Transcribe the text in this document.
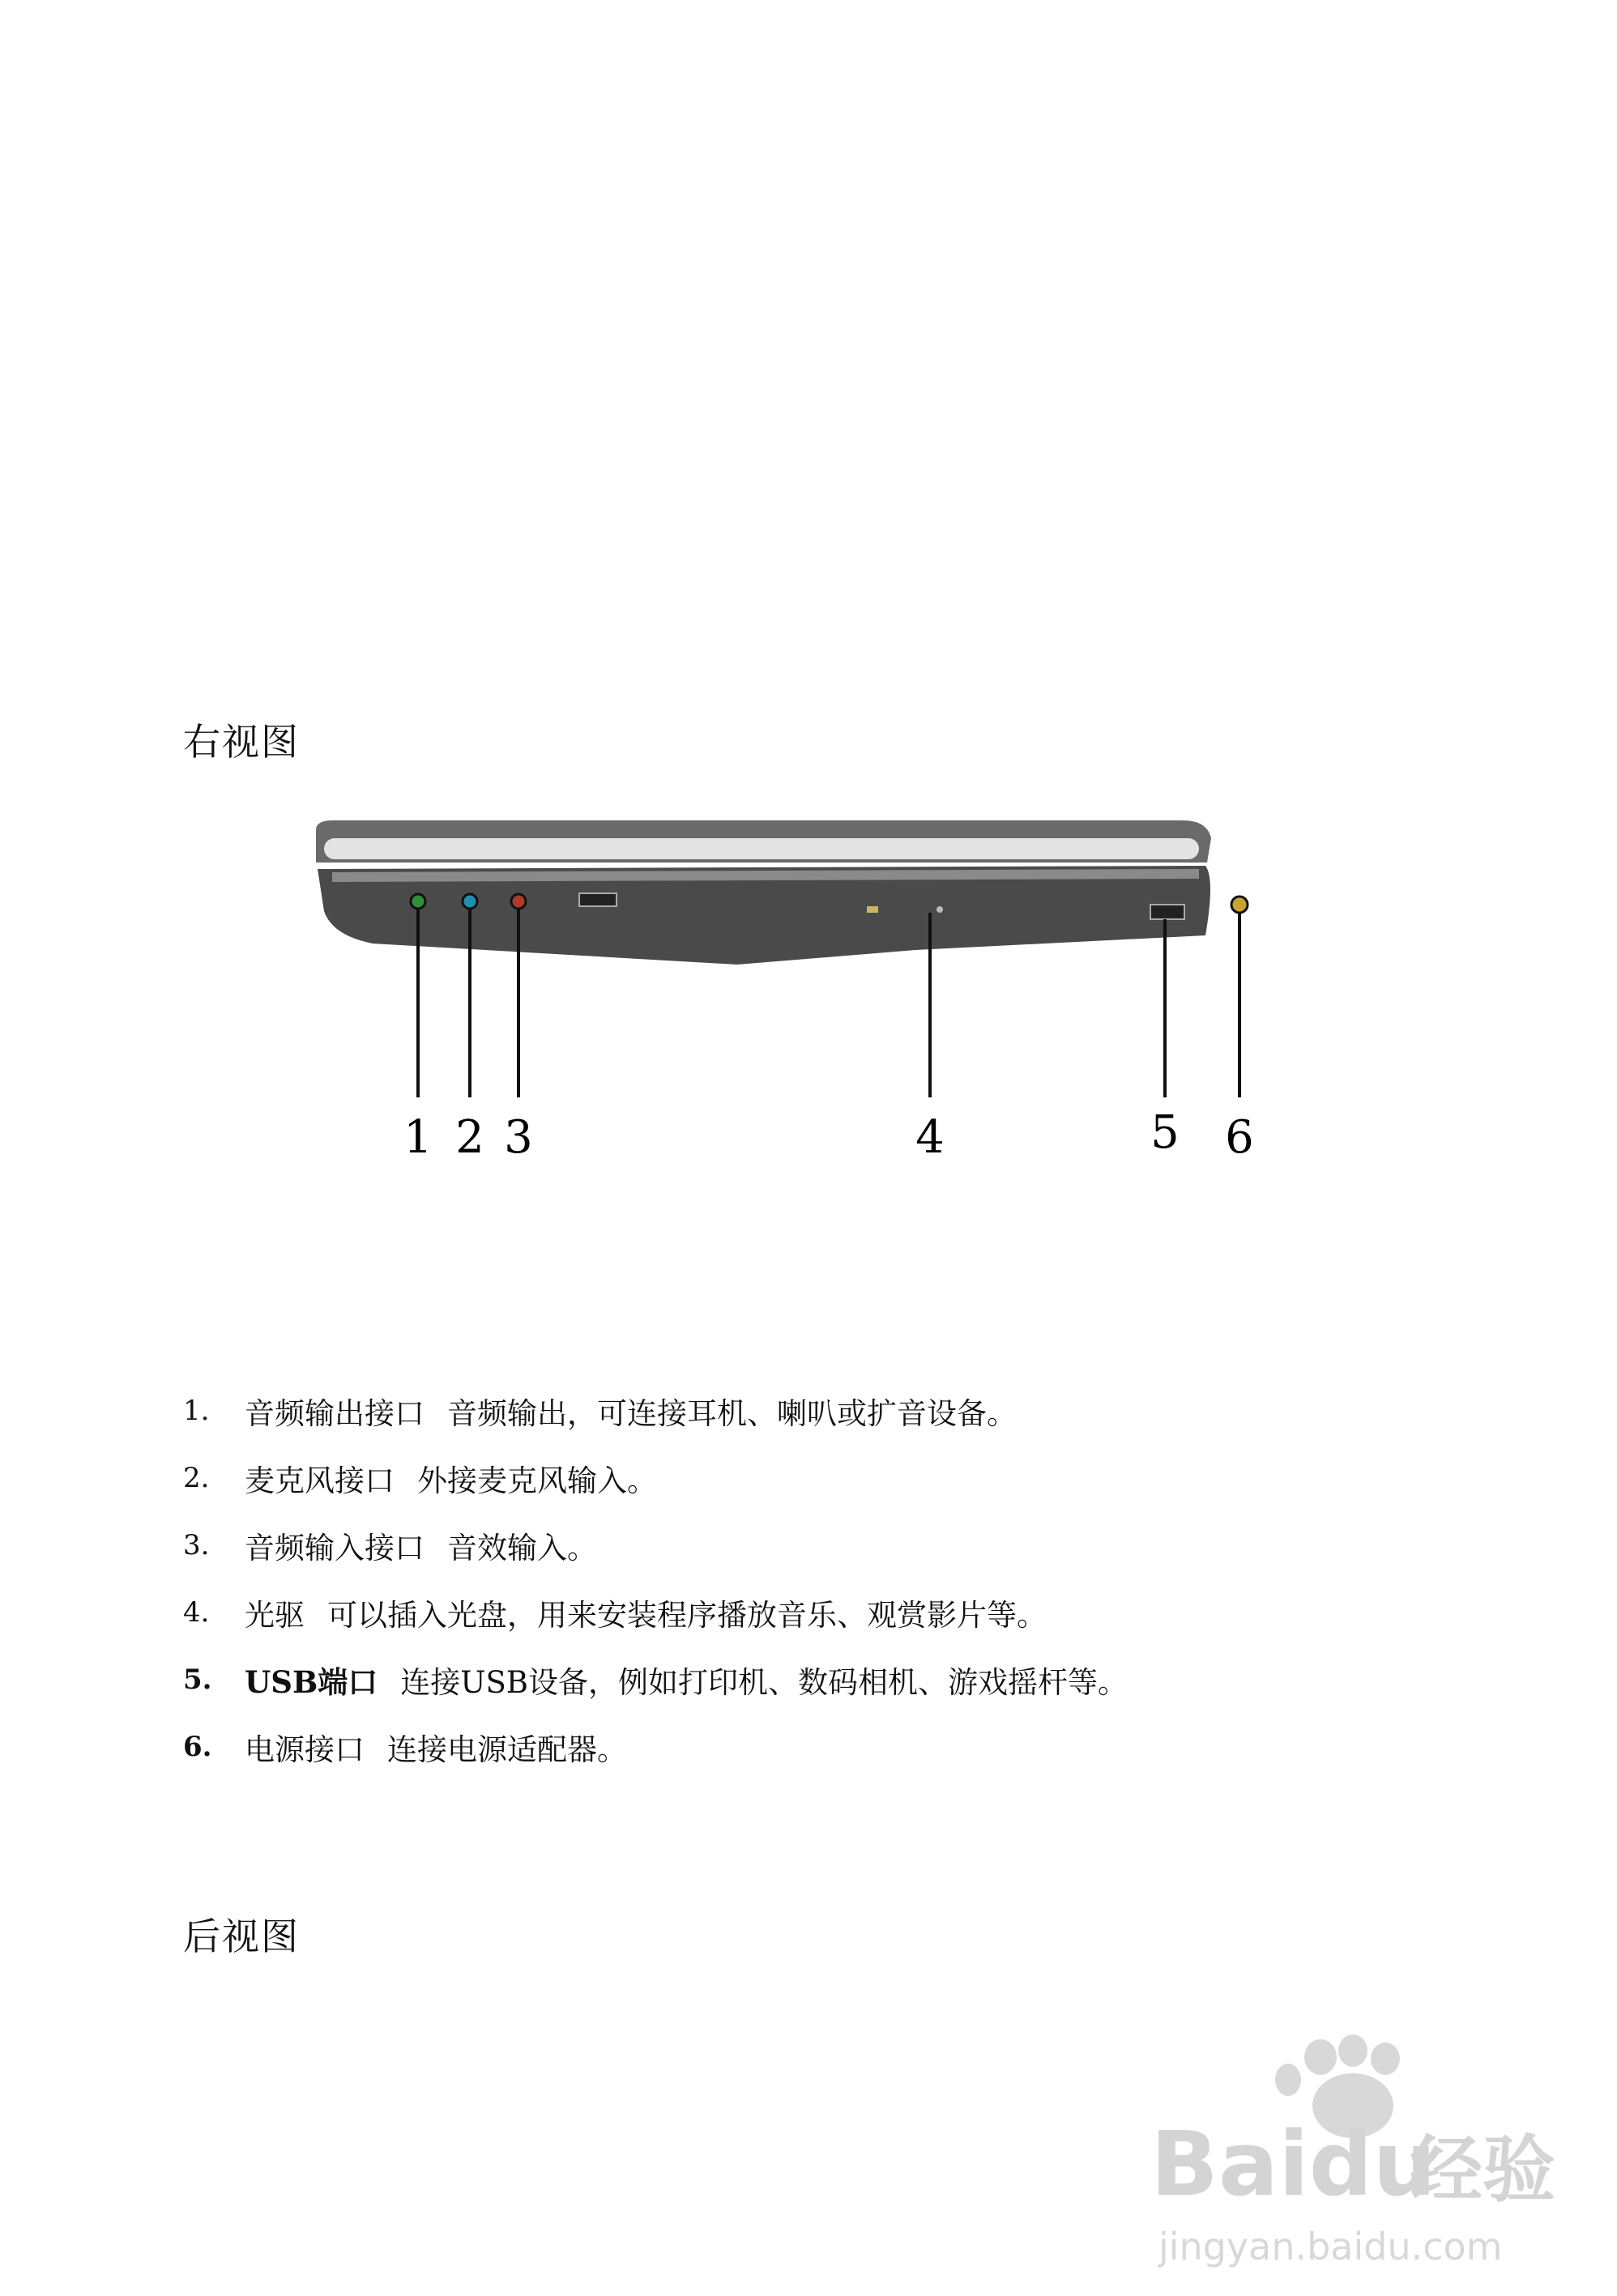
右视图
1 2 3	4	5 6
1.	音频输出接口 音频输出，可连接耳机、喇叭或扩音设备。
2.	麦克风接口 外接麦克风输入。
3.	音频输入接口 音效输入。
4.	光驱 可以插入光盘，用来安装程序播放音乐、观赏影片等。
5.	USB端口 连接USB设备，例如打印机、数码相机、游戏摇杆等。
6.	电源接口 连接电源适配器。
后视图
Baidu
经验
jingyan.baidu.com
